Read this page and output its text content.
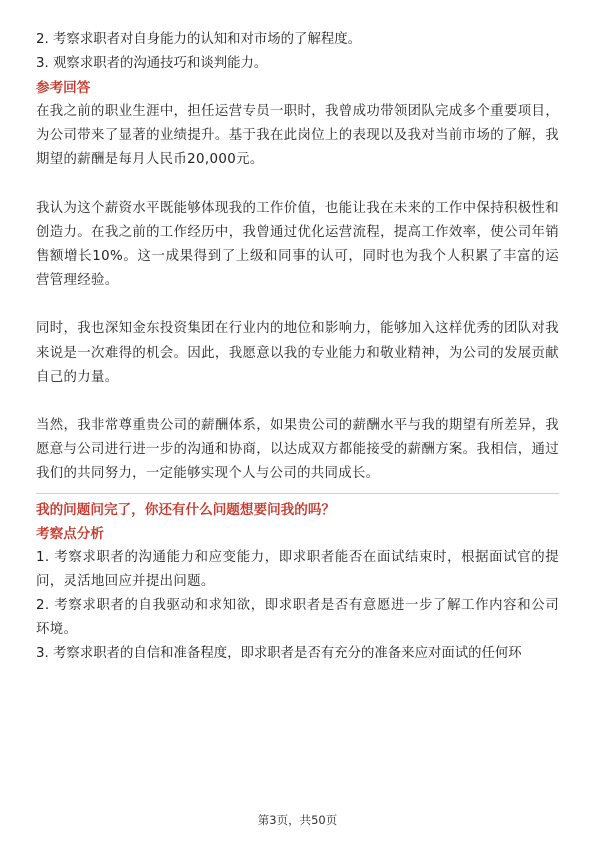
2. 考察求职者对自身能力的认知和对市场的了解程度。

3. 观察求职者的沟通技巧和谈判能力。

参考回答

在我之前的职业生涯中，担任运营专员一职时，我曾成功带领团队完成多个重要项目，为公司带来了显著的业绩提升。基于我在此岗位上的表现以及我对当前市场的了解，我期望的薪酬是每月人民币20,000元。

我认为这个薪资水平既能够体现我的工作价值，也能让我在未来的工作中保持积极性和创造力。在我之前的工作经历中，我曾通过优化运营流程，提高工作效率，使公司年销售额增长10%。这一成果得到了上级和同事的认可，同时也为我个人积累了丰富的运营管理经验。

同时，我也深知金东投资集团在行业内的地位和影响力，能够加入这样优秀的团队对我来说是一次难得的机会。因此，我愿意以我的专业能力和敬业精神，为公司的发展贡献自己的力量。

当然，我非常尊重贵公司的薪酬体系，如果贵公司的薪酬水平与我的期望有所差异，我愿意与公司进行进一步的沟通和协商，以达成双方都能接受的薪酬方案。我相信，通过我们的共同努力，一定能够实现个人与公司的共同成长。

我的问题问完了，你还有什么问题想要问我的吗？

考察点分析

1. 考察求职者的沟通能力和应变能力，即求职者能否在面试结束时，根据面试官的提问，灵活地回应并提出问题。

2. 考察求职者的自我驱动和求知欲，即求职者是否有意愿进一步了解工作内容和公司环境。

3. 考察求职者的自信和准备程度，即求职者是否有充分的准备来应对面试的任何环

第3页，共50页
